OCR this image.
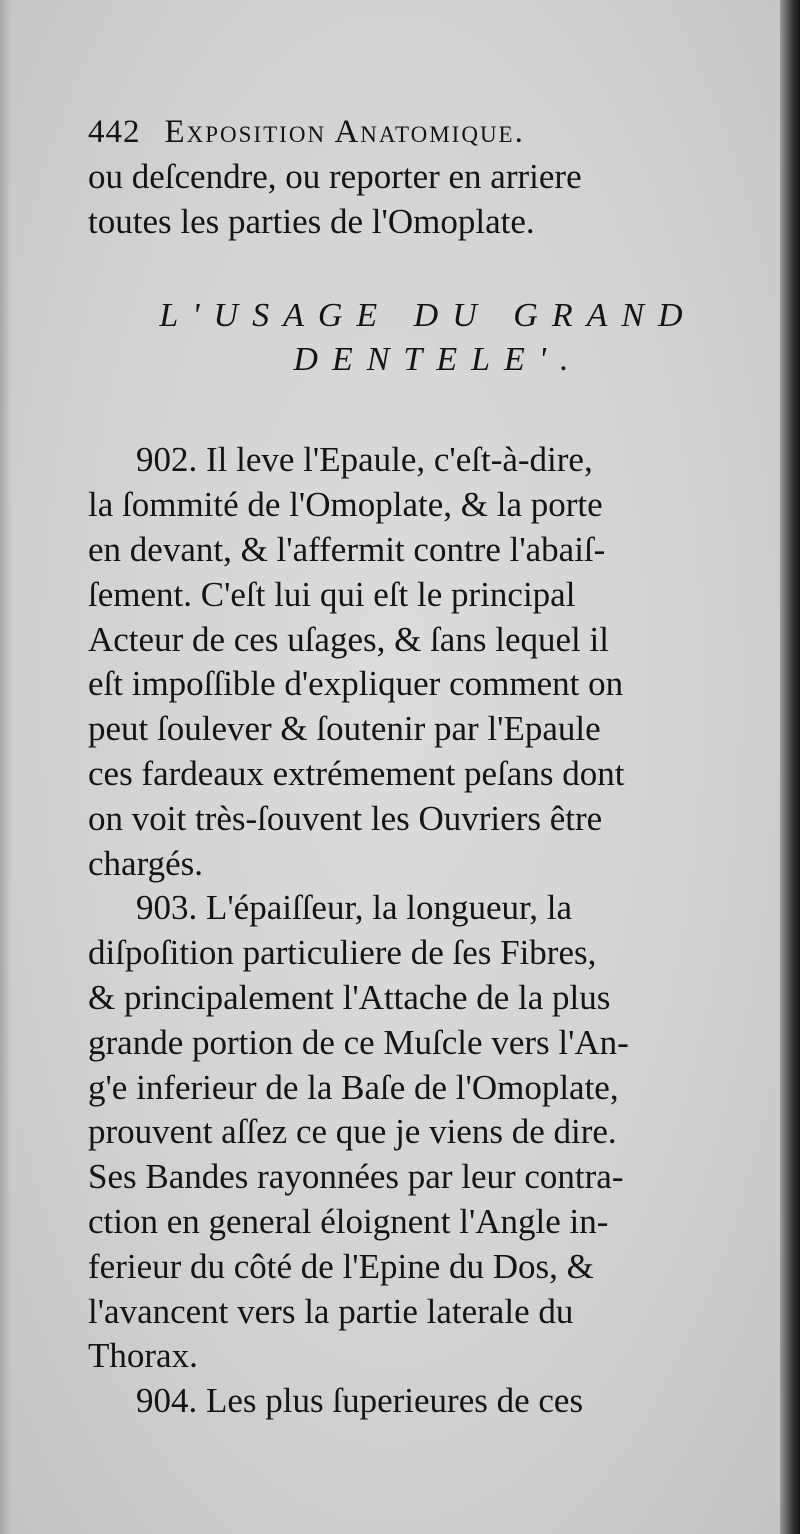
442 Exposition Anatomique.
ou deſcendre, ou reporter en arriere
toutes les parties de l'Omoplate.
L'USAGE DU GRAND
DENTELE'.
902. Il leve l'Epaule, c'eſt-à-dire,
la ſommité de l'Omoplate, & la porte
en devant, & l'affermit contre l'abaiſ-
ſement. C'eſt lui qui eſt le principal
Acteur de ces uſages, & ſans lequel il
eſt impoſſible d'expliquer comment on
peut ſoulever & ſoutenir par l'Epaule
ces fardeaux extrémement peſans dont
on voit très-ſouvent les Ouvriers être
chargés.
903. L'épaiſſeur, la longueur, la
diſpoſition particuliere de ſes Fibres,
& principalement l'Attache de la plus
grande portion de ce Muſcle vers l'An-
g'e inferieur de la Baſe de l'Omoplate,
prouvent aſſez ce que je viens de dire.
Ses Bandes rayonnées par leur contra-
ction en general éloignent l'Angle in-
ferieur du côté de l'Epine du Dos, &
l'avancent vers la partie laterale du
Thorax.
904. Les plus ſuperieures de ces
